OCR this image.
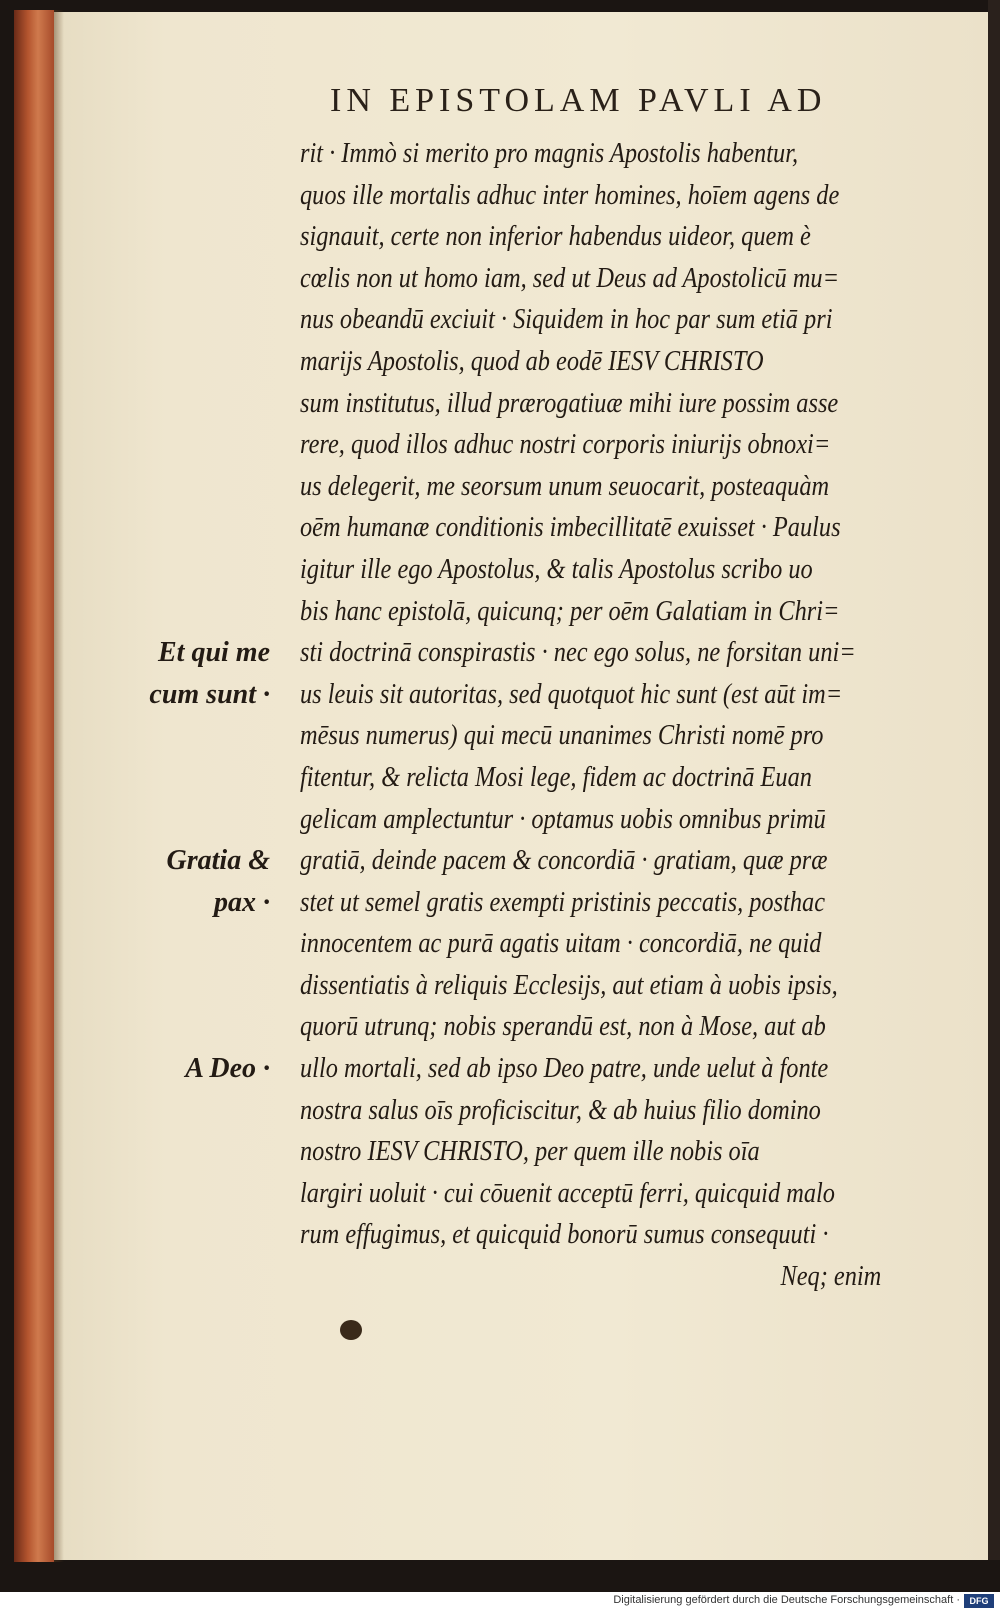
IN EPISTOLAM PAVLI AD
Et qui me
cum sunt ·
Gratia &
pax ·
A Deo ·
rit · Immò si merito pro magnis Apostolis habentur,
quos ille mortalis adhuc inter homines, hoīem agens de
signauit, certe non inferior habendus uideor, quem è
cœlis non ut homo iam, sed ut Deus ad Apostolicū mu=
nus obeandū exciuit · Siquidem in hoc par sum etiā pri
marijs Apostolis, quod ab eodē IESV CHRISTO
sum institutus, illud prærogatiuæ mihi iure possim asse
rere, quod illos adhuc nostri corporis iniurijs obnoxi=
us delegerit, me seorsum unum seuocarit, posteaquàm
oēm humanæ conditionis imbecillitatē exuisset · Paulus
igitur ille ego Apostolus, & talis Apostolus scribo uo
bis hanc epistolā, quicunq; per oēm Galatiam in Chri=
sti doctrinā conspirastis · nec ego solus, ne forsitan uni=
us leuis sit autoritas, sed quotquot hic sunt (est aūt im=
mēsus numerus) qui mecū unanimes Christi nomē pro
fitentur, & relicta Mosi lege, fidem ac doctrinā Euan
gelicam amplectuntur · optamus uobis omnibus primū
gratiā, deinde pacem & concordiā · gratiam, quæ præ
stet ut semel gratis exempti pristinis peccatis, posthac
innocentem ac purā agatis uitam · concordiā, ne quid
dissentiatis à reliquis Ecclesijs, aut etiam à uobis ipsis,
quorū utrunq; nobis sperandū est, non à Mose, aut ab
ullo mortali, sed ab ipso Deo patre, unde uelut à fonte
nostra salus oīs proficiscitur, & ab huius filio domino
nostro IESV CHRISTO, per quem ille nobis oīa
largiri uoluit · cui cōuenit acceptū ferri, quicquid malo
rum effugimus, et quicquid bonorū sumus consequuti ·
Neq; enim
Digitalisierung gefördert durch die Deutsche Forschungsgemeinschaft ·	DFG
